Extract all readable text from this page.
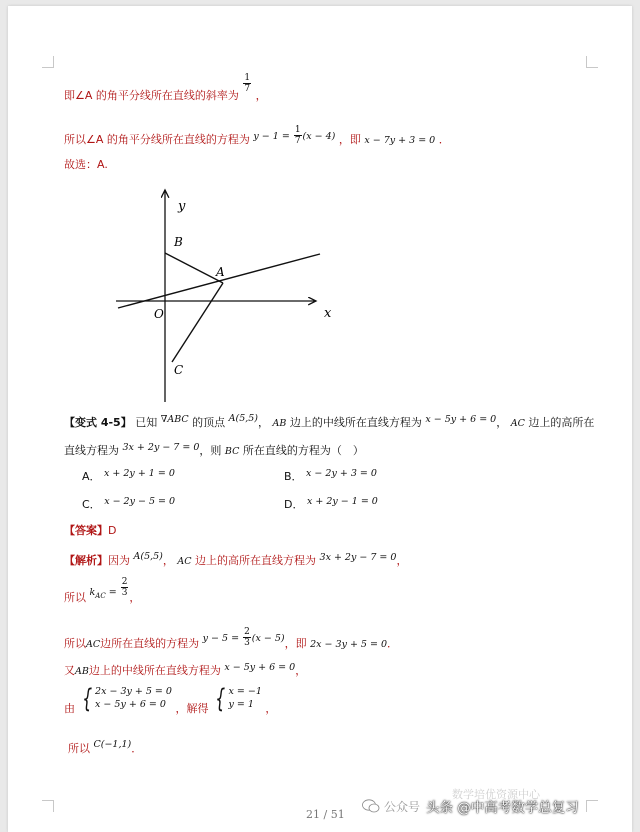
即∠A 的角平分线所在直线的斜率为
$\frac{1}{7}$
，
所以∠A 的角平分线所在直线的方程为 $y - 1 = \frac{1}{7} (x - 4)$ ，即 x − 7y + 3 = 0 ．
故选：A.
y
x
O
B
A
C
【变式 4-5】 已知 ∇ABC 的顶点 A(5,5)， AB 边上的中线所在直线方程为 x − 5y + 6 = 0， AC 边上的高所在
直线方程为 3x + 2y − 7 = 0，则 BC 所在直线的方程为（　）
A． x + 2y + 1 = 0	B． x − 2y + 3 = 0
C． x − 2y − 5 = 0	D． x + 2y − 1 = 0
【答案】D
【解析】因为 A(5,5)， AC 边上的高所在直线方程为 3x + 2y − 7 = 0，
所以 $k_{AC} = \frac{2}{3}$ ，
所以AC边所在直线的方程为 $y - 5 = \frac{2}{3} (x - 5)$，即 2x − 3y + 5 = 0．
又AB边上的中线所在直线方程为 x − 5y + 6 = 0，
由 { 2x − 3y + 5 = 0
x − 5y + 6 = 0 ，解得 { x = −1
y = 1	，
所以 C(−1,1)．
21 / 51
公众号
数学培优资源中心
头条 @中高考数学总复习
